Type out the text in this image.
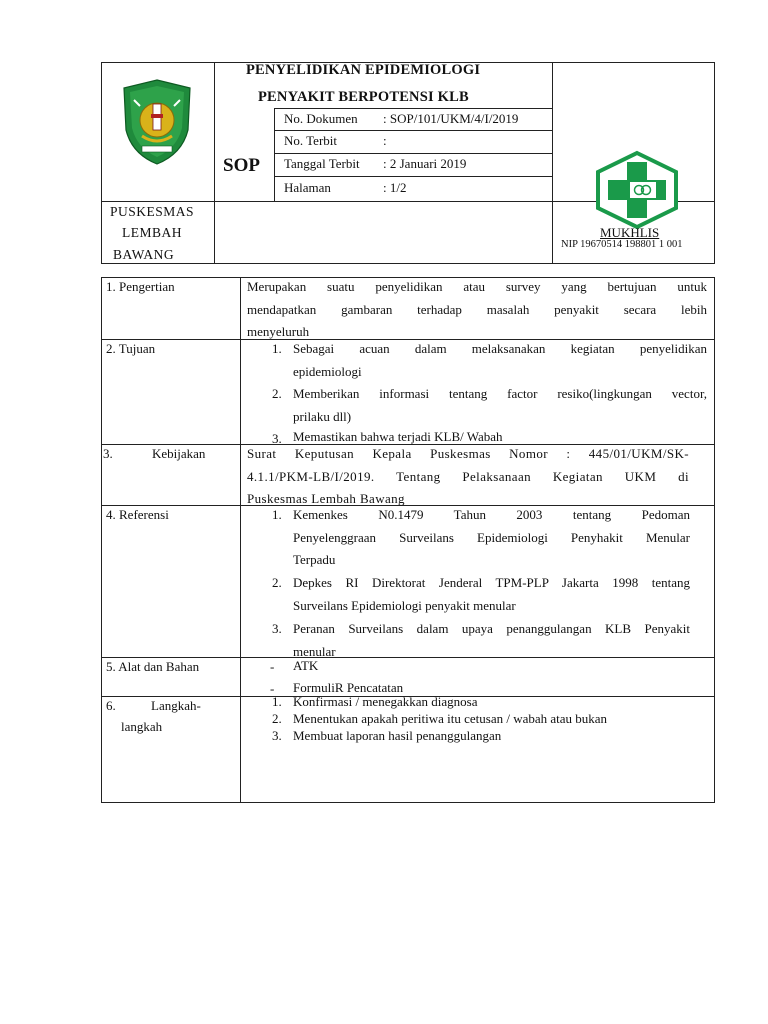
PENYELIDIKAN EPIDEMIOLOGI
PENYAKIT BERPOTENSI KLB
SOP
No. Dokumen : SOP/101/UKM/4/I/2019
No. Terbit	:
Tanggal Terbit : 2 Januari 2019
Halaman	: 1/2
PUSKESMAS
LEMBAH
BAWANG
MUKHLIS
NIP 19670514 198801 1 001
1. Pengertian	Merupakan suatu penyelidikan atau survey yang bertujuan untuk
mendapatkan gambaran terhadap masalah penyakit secara lebih
menyeluruh
2. Tujuan	1. Sebagai acuan dalam melaksanakan kegiatan penyelidikan
epidemiologi
2. Memberikan informasi tentang factor resiko(lingkungan vector,
prilaku dll)
3. Memastikan bahwa terjadi KLB/ Wabah
3.	Kebijakan	Surat Keputusan Kepala Puskesmas Nomor : 445/01/UKM/SK-
4.1.1/PKM-LB/I/2019. Tentang Pelaksanaan Kegiatan UKM di
Puskesmas Lembah Bawang
4. Referensi	1. Kemenkes N0.1479 Tahun 2003 tentang Pedoman
Penyelenggraan Surveilans Epidemiologi Penyhakit Menular
Terpadu
2. Depkes RI Direktorat Jenderal TPM-PLP Jakarta 1998 tentang
Surveilans Epidemiologi penyakit menular
3. Peranan Surveilans dalam upaya penanggulangan KLB Penyakit
menular
5. Alat dan Bahan	- ATK
- FormuliR Pencatatan
6.	Langkah-
langkah
1. Konfirmasi / menegakkan diagnosa
2. Menentukan apakah peritiwa itu cetusan / wabah atau bukan
3. Membuat laporan hasil penanggulangan
